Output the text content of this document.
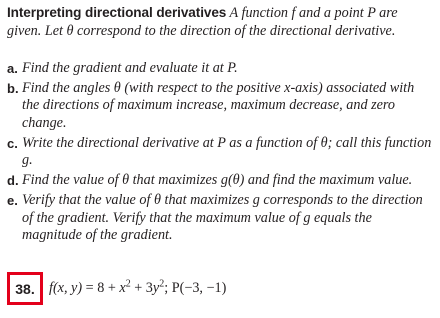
Interpreting directional derivatives A function f and a point P are given. Let θ correspond to the direction of the directional derivative.
a. Find the gradient and evaluate it at P.
b. Find the angles θ (with respect to the positive x-axis) associated with the directions of maximum increase, maximum decrease, and zero change.
c. Write the directional derivative at P as a function of θ; call this function g.
d. Find the value of θ that maximizes g(θ) and find the maximum value.
e. Verify that the value of θ that maximizes g corresponds to the direction of the gradient. Verify that the maximum value of g equals the magnitude of the gradient.
38. f(x, $y) = 8 + x^2 + 3y^2$; P(−3, −1)
